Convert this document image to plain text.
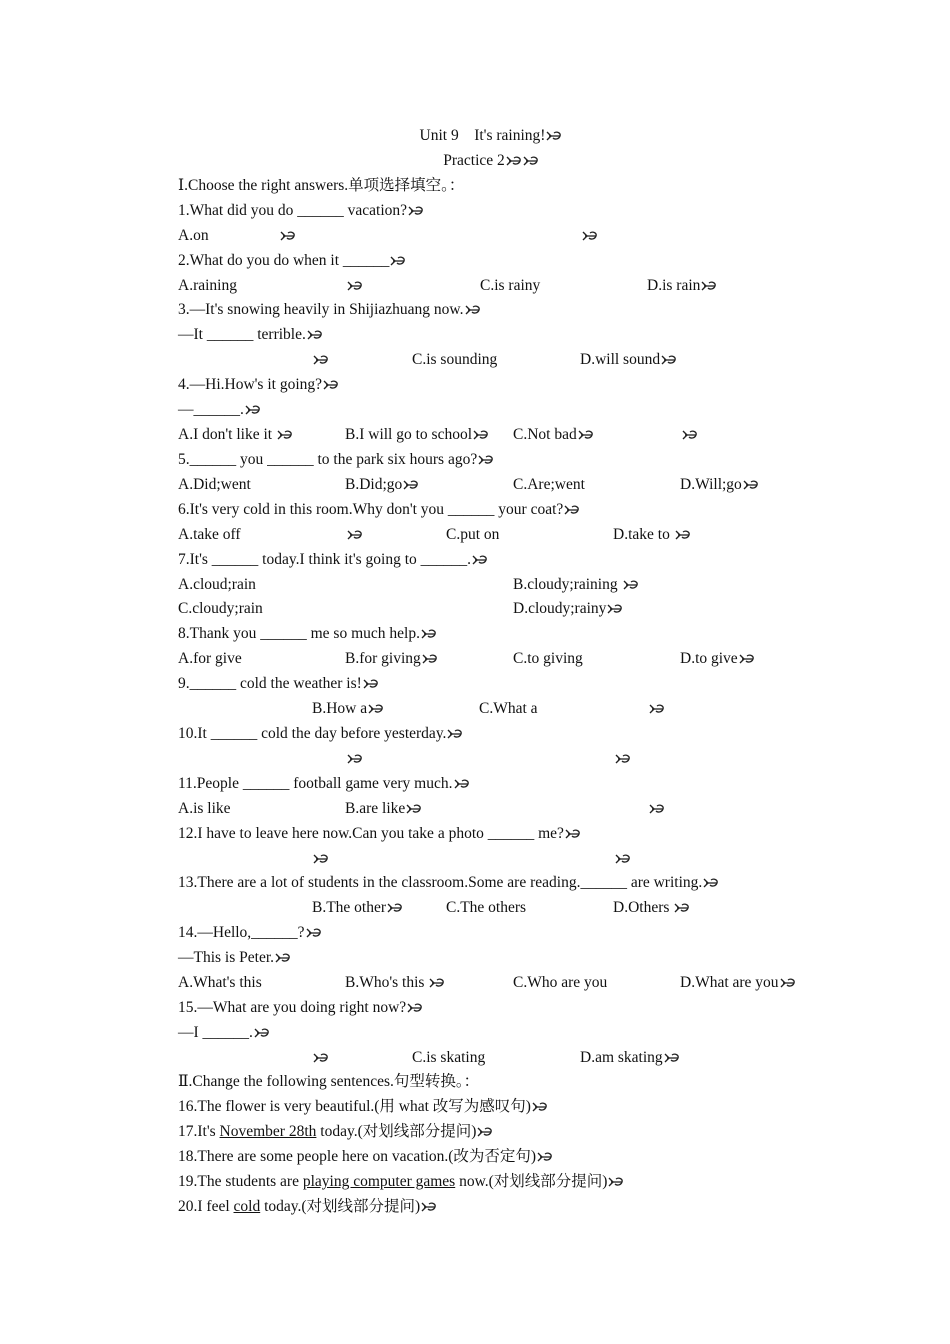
Unit 9    It's raining!
Practice 2
Ⅰ.Choose the right answers.单项选择填空。：
1.What did you do ______ vacation?
A.on
2.What do you do when it ______
A.raining	C.is rainy	D.is rain
3.—It's snowing heavily in Shijiazhuang now.
—It ______ terrible.
C.is sounding	D.will sound
4.—Hi.How's it going?
—______.
A.I don't like it	B.I will go to school	C.Not bad
5.______ you ______ to the park six hours ago?
A.Did;went	B.Did;go	C.Are;went	D.Will;go
6.It's very cold in this room.Why don't you ______ your coat?
A.take off	C.put on	D.take to
7.It's ______ today.I think it's going to ______.
A.cloud;rain	B.cloudy;raining
C.cloudy;rain	D.cloudy;rainy
8.Thank you ______ me so much help.
A.for give	B.for giving	C.to giving	D.to give
9.______ cold the weather is!
B.How a	C.What a
10.It ______ cold the day before yesterday.
11.People ______ football game very much.
A.is like	B.are like
12.I have to leave here now.Can you take a photo ______ me?
13.There are a lot of students in the classroom.Some are reading.______ are writing.
B.The other	C.The others	D.Others
14.—Hello,______?
—This is Peter.
A.What's this	B.Who's this	C.Who are you	D.What are you
15.—What are you doing right now?
—I ______.
C.is skating	D.am skating
Ⅱ.Change the following sentences.句型转换。：
16.The flower is very beautiful.(用 what 改写为感叹句)
17.It's November 28th today.(对划线部分提问)
18.There are some people here on vacation.(改为否定句)
19.The students are playing computer games now.(对划线部分提问)
20.I feel cold today.(对划线部分提问)
